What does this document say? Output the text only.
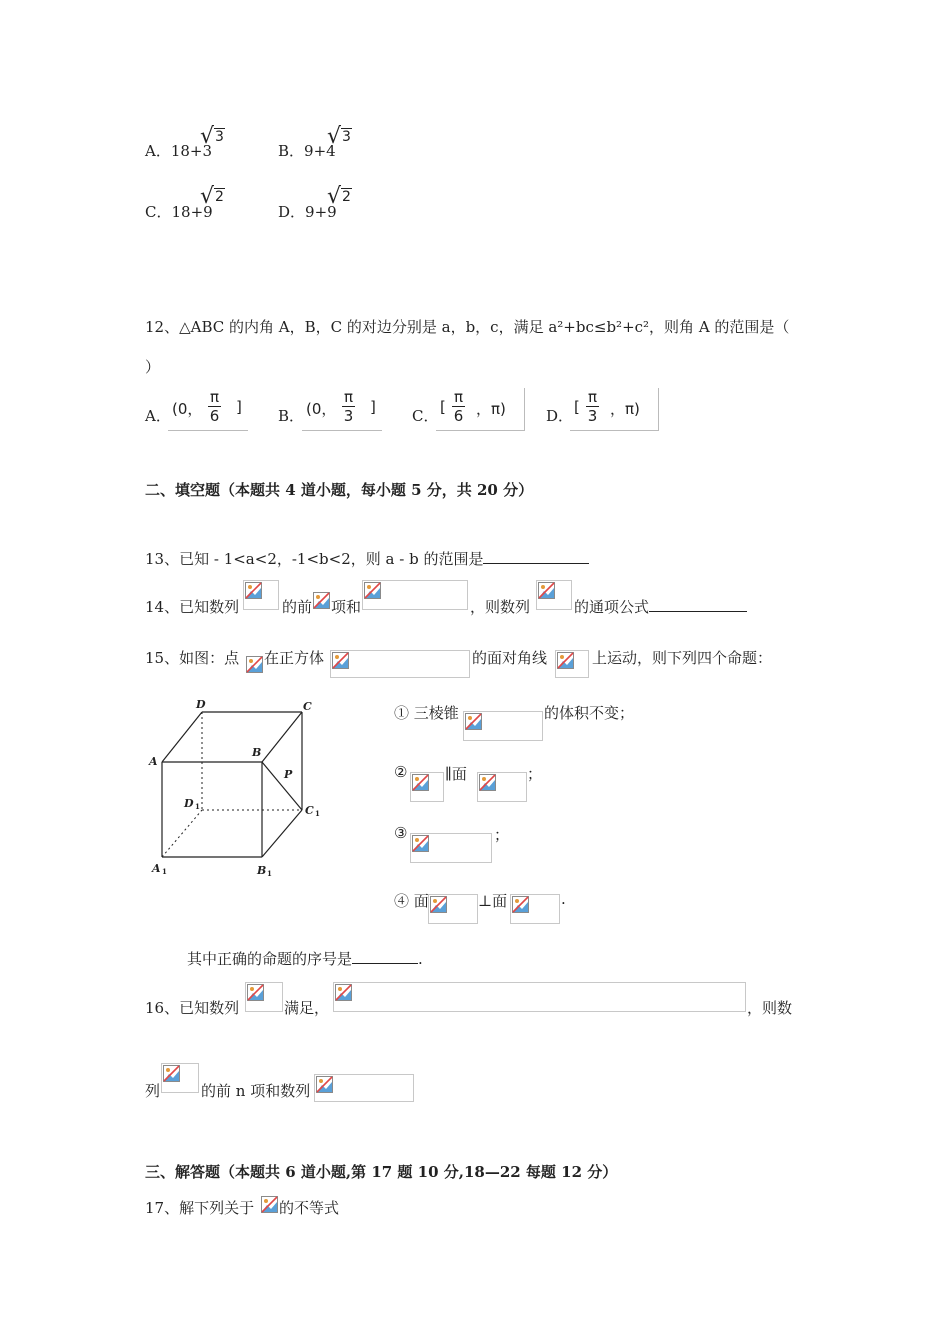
A．18+3
√3
B．9+4
√3
C．18+9
√2
D．9+9
√2
12、△ABC 的内角 A，B，C 的对边分别是 a，b，c，满足 a²+bc≤b²+c²，则角 A 的范围是（
）
A． (0， $\frac{\pi}{6}$ ] B． (0， $\frac{\pi}{3}$ ] C． [ $\frac{\pi}{6}$ ，π)	D． [ $\frac{\pi}{3}$ ，π)
二、填空题（本题共 4 道小题，每小题 5 分，共 20 分）
13、已知 - 1<a<2，-1<b<2，则 a - b 的范围是
14、已知数列	的前 项和	，则数列	的通项公式
15、如图：点 在正方体	的面对角线	上运动，则下列四个命题：
D	C
A
B
P
D 1	C 1
A 1	B 1
① 三棱锥	的体积不变；
②	∥面	；
③	；
④ 面	⊥面	.
其中正确的命题的序号是	.
16、已知数列	满足，	，则数
列	的前 n 项和数列
三、解答题（本题共 6 道小题,第 17 题 10 分,18—22 每题 12 分）
17、解下列关于 的不等式
